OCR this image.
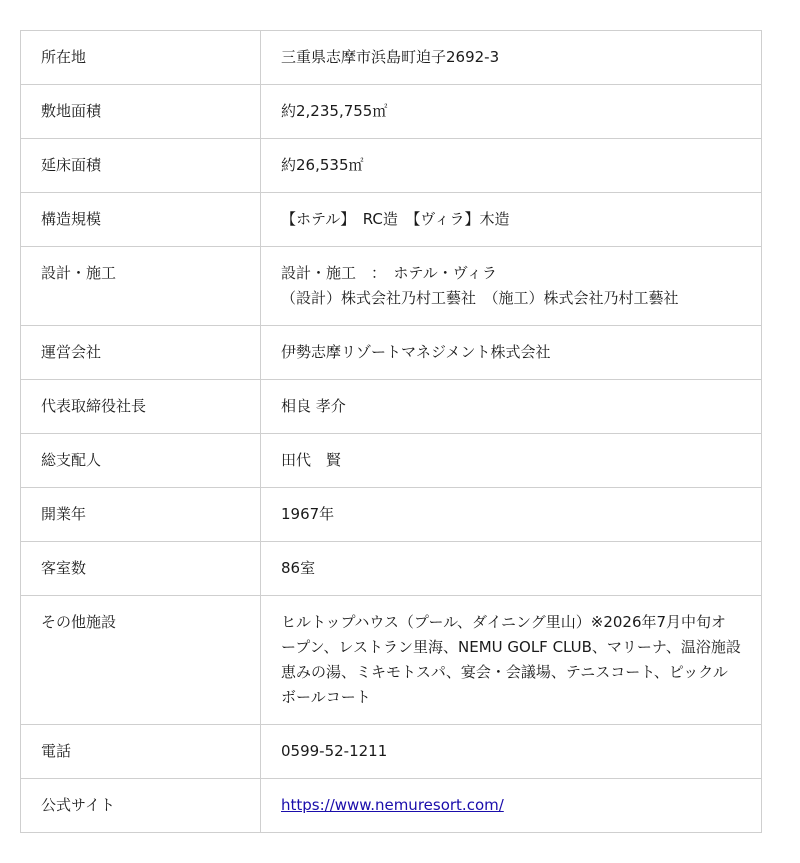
所在地	三重県志摩市浜島町迫子2692-3
敷地面積	約2,235,755㎡
延床面積	約26,535㎡
構造規模	【ホテル】　RC造　【ヴィラ】木造
設計・施工	設計・施工　：　ホテル・ヴィラ
（設計）株式会社乃村工藝社　（施工）株式会社乃村工藝社

運営会社	伊勢志摩リゾートマネジメント株式会社
代表取締役社長	相良 孝介
総支配人	田代　賢
開業年	1967年
客室数	86室
その他施設	ヒルトップハウス（プール、ダイニング里山）※2026年7月中旬オープン、レストラン里海、NEMU GOLF CLUB、マリーナ、温浴施設 恵みの湯、ミキモトスパ、宴会・会議場、テニスコート、ピックルボールコート
電話	0599-52-1211
公式サイト	https://www.nemuresort.com/
